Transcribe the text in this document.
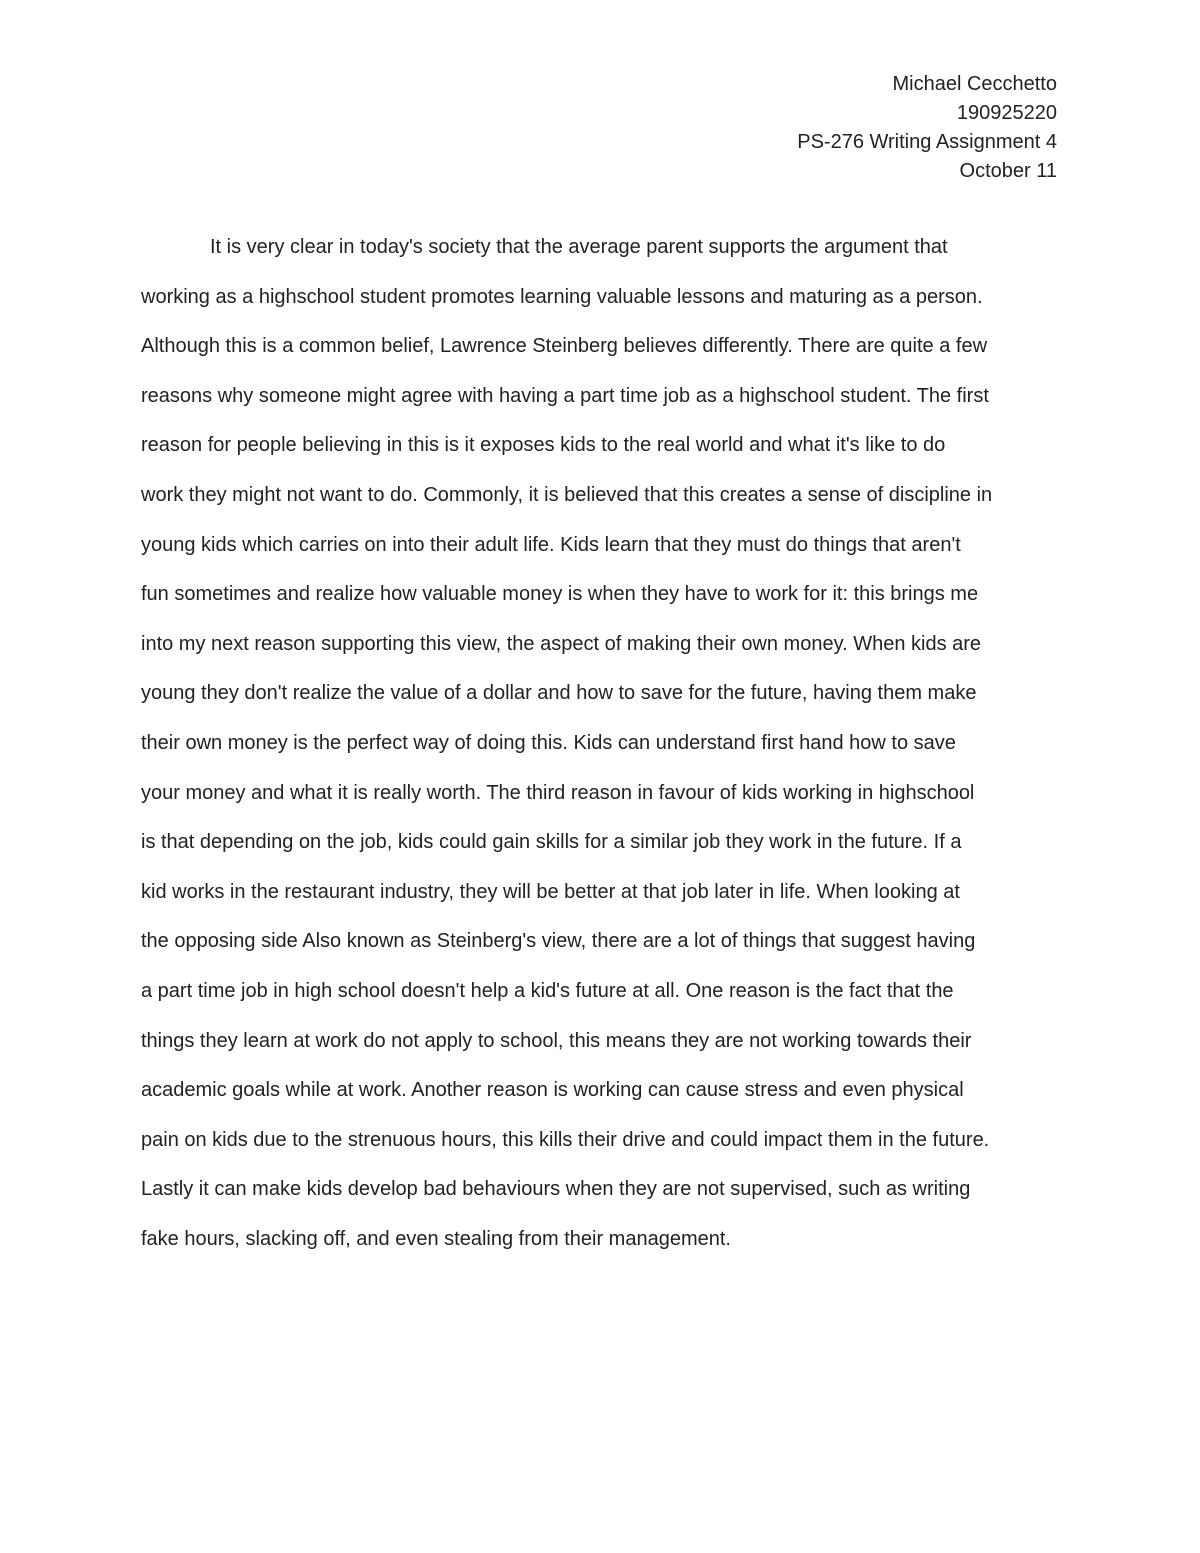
Michael Cecchetto
190925220
PS-276 Writing Assignment 4
October 11
It is very clear in today's society that the average parent supports the argument that
working as a highschool student promotes learning valuable lessons and maturing as a person.
Although this is a common belief, Lawrence Steinberg believes differently. There are quite a few
reasons why someone might agree with having a part time job as a highschool student. The first
reason for people believing in this is it exposes kids to the real world and what it's like to do
work they might not want to do. Commonly, it is believed that this creates a sense of discipline in
young kids which carries on into their adult life. Kids learn that they must do things that aren't
fun sometimes and realize how valuable money is when they have to work for it: this brings me
into my next reason supporting this view, the aspect of making their own money. When kids are
young they don't realize the value of a dollar and how to save for the future, having them make
their own money is the perfect way of doing this. Kids can understand first hand how to save
your money and what it is really worth. The third reason in favour of kids working in highschool
is that depending on the job, kids could gain skills for a similar job they work in the future. If a
kid works in the restaurant industry, they will be better at that job later in life. When looking at
the opposing side Also known as Steinberg's view, there are a lot of things that suggest having
a part time job in high school doesn't help a kid's future at all. One reason is the fact that the
things they learn at work do not apply to school, this means they are not working towards their
academic goals while at work. Another reason is working can cause stress and even physical
pain on kids due to the strenuous hours, this kills their drive and could impact them in the future.
Lastly it can make kids develop bad behaviours when they are not supervised, such as writing
fake hours, slacking off, and even stealing from their management.
